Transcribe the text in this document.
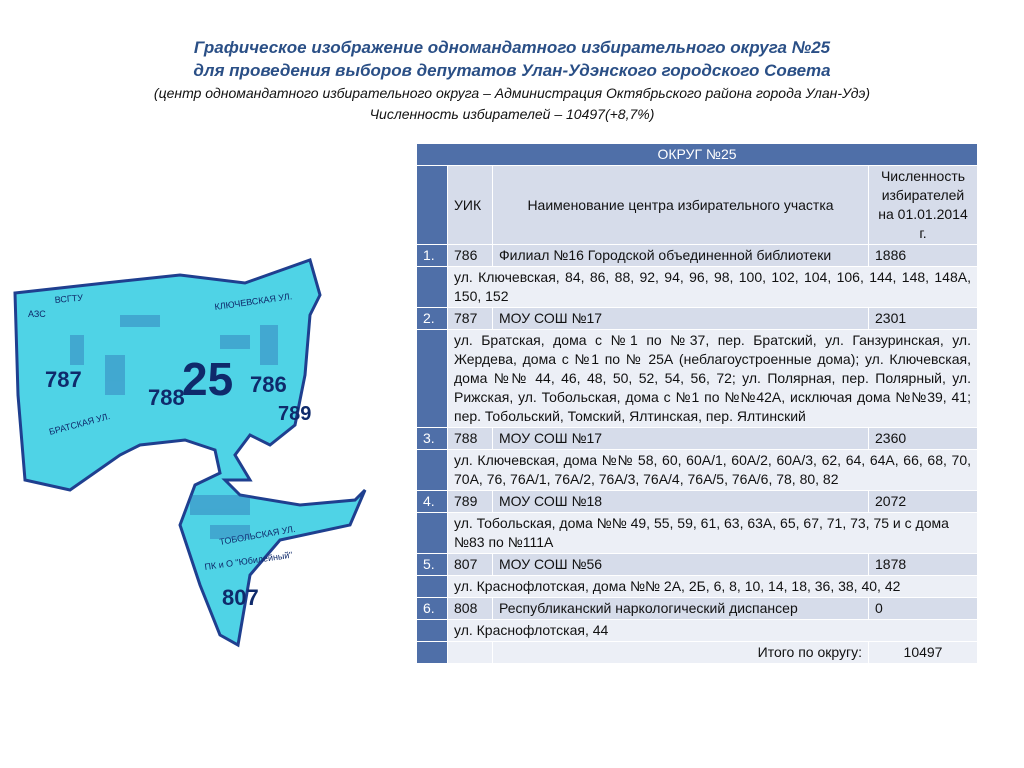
Графическое изображение одномандатного избирательного округа №25
для проведения выборов депутатов Улан-Удэнского городского Совета
(центр одномандатного избирательного округа – Администрация Октябрьского района города Улан-Удэ)
Численность избирателей – 10497(+8,7%)
25
787
788
786
789
807
АЗС
ВСГТУ	КЛЮЧЕВСКАЯ УЛ.
БРАТСКАЯ УЛ.
ТОБОЛЬСКАЯ УЛ.
ПК и О "Юбилейный"
ОКРУГ №25			
	УИК	Наименование центра избирательного участка	Численность избирателей на 01.01.2014 г.
1.	786	Филиал №16 Городской объединенной библиотеки	1886
	ул. Ключевская, 84, 86, 88, 92, 94, 96, 98, 100, 102, 104, 106, 144, 148, 148А, 150, 152		
2.	787	МОУ СОШ №17	2301
	ул. Братская, дома с №1 по №37, пер. Братский, ул. Ганзуринская, ул. Жердева, дома с №1 по № 25А (неблагоустроенные дома); ул. Ключевская, дома №№ 44, 46, 48, 50, 52, 54, 56, 72; ул. Полярная, пер. Полярный, ул. Рижская, ул. Тобольская, дома с №1 по №№42А, исключая дома №№39, 41; пер. Тобольский, Томский, Ялтинская, пер. Ялтинский		
3.	788	МОУ СОШ №17	2360
	ул. Ключевская, дома №№ 58, 60, 60А/1, 60А/2, 60А/3, 62, 64, 64А, 66, 68, 70, 70А, 76, 76А/1, 76А/2, 76А/3, 76А/4, 76А/5, 76А/6, 78, 80, 82		
4.	789	МОУ СОШ №18	2072
	ул. Тобольская, дома №№ 49, 55, 59, 61, 63, 63А, 65, 67, 71, 73, 75 и с дома №83 по №111А		
5.	807	МОУ СОШ №56	1878
	ул. Краснофлотская, дома №№ 2А, 2Б, 6, 8, 10, 14, 18, 36, 38, 40, 42		
6.	808	Республиканский наркологический диспансер	0
	ул. Краснофлотская, 44		
		Итого по округу:	10497
